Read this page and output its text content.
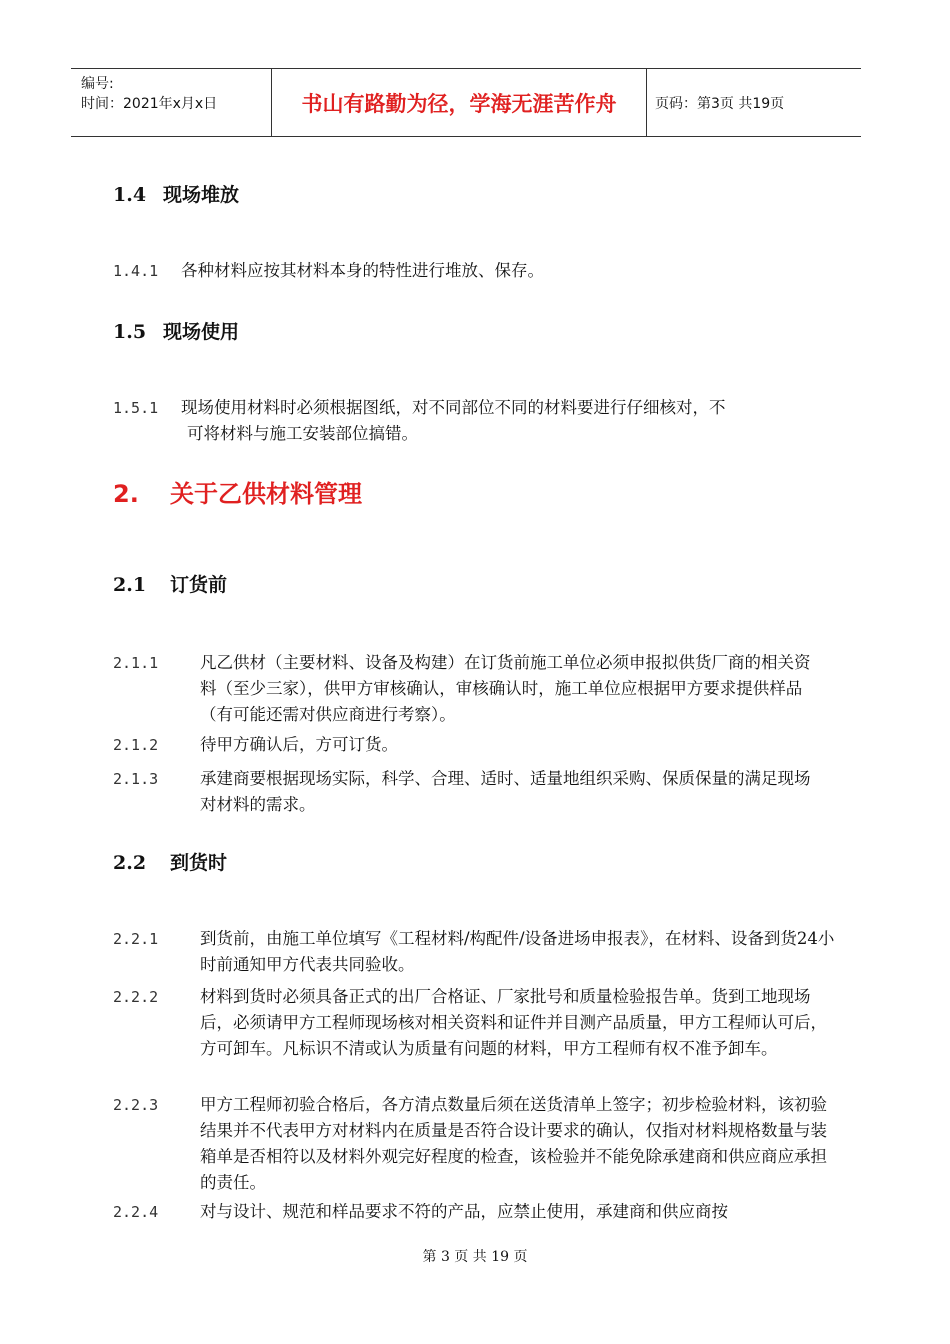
编号:
时间：2021年x月x日	书山有路勤为径，学海无涯苦作舟	页码：第3页 共19页
1.4 现场堆放
1.4.1 各种材料应按其材料本身的特性进行堆放、保存。
1.5 现场使用
1.5.1 现场使用材料时必须根据图纸，对不同部位不同的材料要进行仔细核对，不
可将材料与施工安装部位搞错。
2. 关于乙供材料管理
2.1 订货前
2.1.1	凡乙供材（主要材料、设备及构建）在订货前施工单位必须申报拟供货厂商的相关资料（至少三家），供甲方审核确认，审核确认时，施工单位应根据甲方要求提供样品（有可能还需对供应商进行考察）。
2.1.2	待甲方确认后，方可订货。
2.1.3	承建商要根据现场实际，科学、合理、适时、适量地组织采购、保质保量的满足现场对材料的需求。
2.2 到货时
2.2.1	到货前，由施工单位填写《工程材料/构配件/设备进场申报表》，在材料、设备到货24小时前通知甲方代表共同验收。
2.2.2	材料到货时必须具备正式的出厂合格证、厂家批号和质量检验报告单。货到工地现场后，必须请甲方工程师现场核对相关资料和证件并目测产品质量，甲方工程师认可后，方可卸车。凡标识不清或认为质量有问题的材料，甲方工程师有权不准予卸车。
2.2.3	甲方工程师初验合格后，各方清点数量后须在送货清单上签字；初步检验材料，该初验结果并不代表甲方对材料内在质量是否符合设计要求的确认，仅指对材料规格数量与装箱单是否相符以及材料外观完好程度的检查，该检验并不能免除承建商和供应商应承担的责任。
2.2.4	对与设计、规范和样品要求不符的产品，应禁止使用，承建商和供应商按
第 3 页 共 19 页
